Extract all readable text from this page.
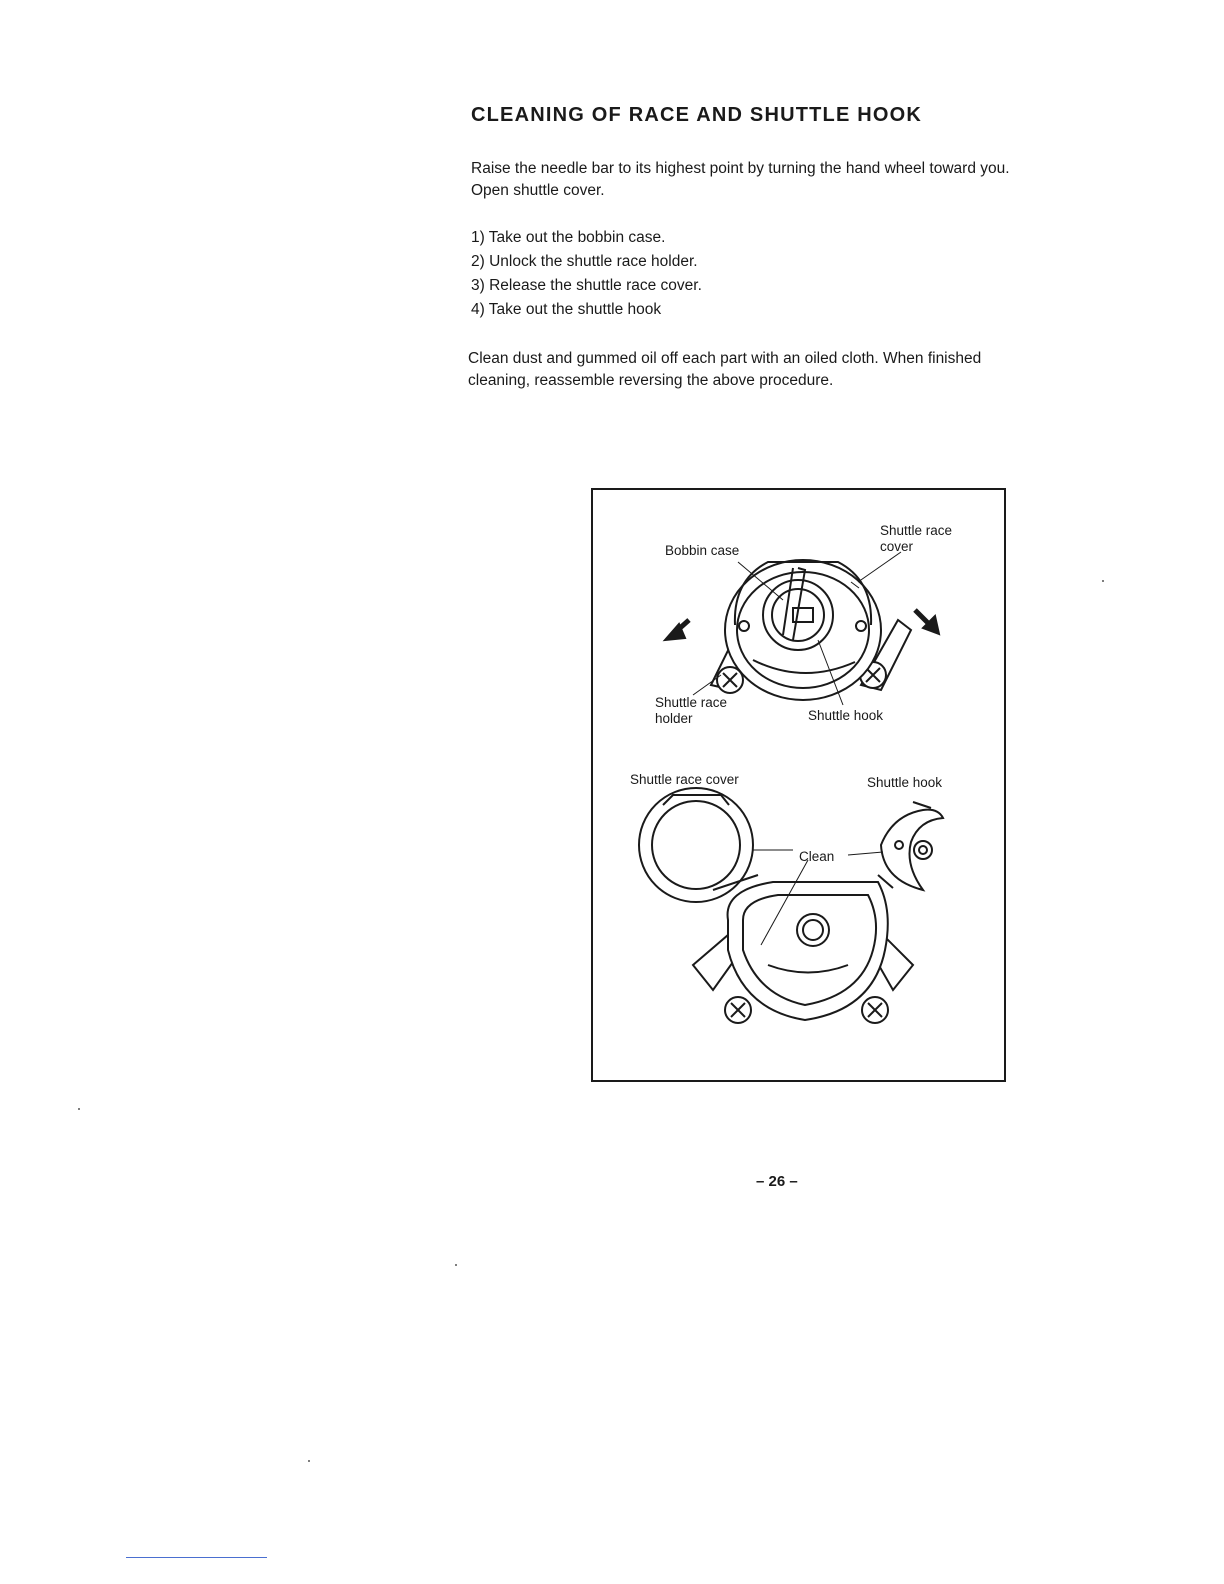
CLEANING OF RACE AND SHUTTLE HOOK

Raise the needle bar to its highest point by turning the hand wheel toward you.
Open shuttle cover.

1) Take out the bobbin case.
2) Unlock the shuttle race holder.
3) Release the shuttle race cover.
4) Take out the shuttle hook

Clean dust and gummed oil off each part with an oiled cloth. When finished
cleaning, reassemble reversing the above procedure.

Bobbin case

Shuttle race
cover

Shuttle race
holder	Shuttle hook

Shuttle race cover	Shuttle hook

Clean

– 26 –
